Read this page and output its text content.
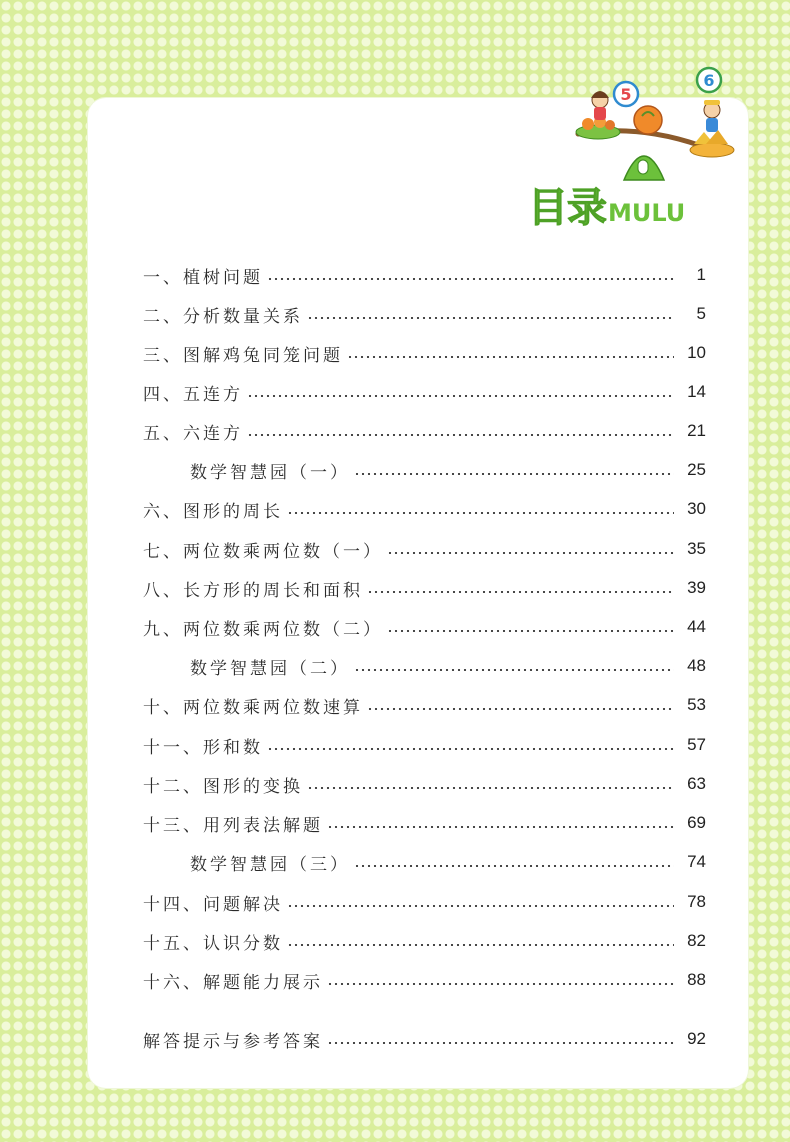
5
6
目录 MULU
一、植树问题	1
二、分析数量关系	5
三、图解鸡兔同笼问题	10
四、五连方	14
五、六连方	21
数学智慧园（一）	25
六、图形的周长	30
七、两位数乘两位数（一）	35
八、长方形的周长和面积	39
九、两位数乘两位数（二）	44
数学智慧园（二）	48
十、两位数乘两位数速算	53
十一、形和数	57
十二、图形的变换	63
十三、用列表法解题	69
数学智慧园（三）	74
十四、问题解决	78
十五、认识分数	82
十六、解题能力展示	88
解答提示与参考答案	92
